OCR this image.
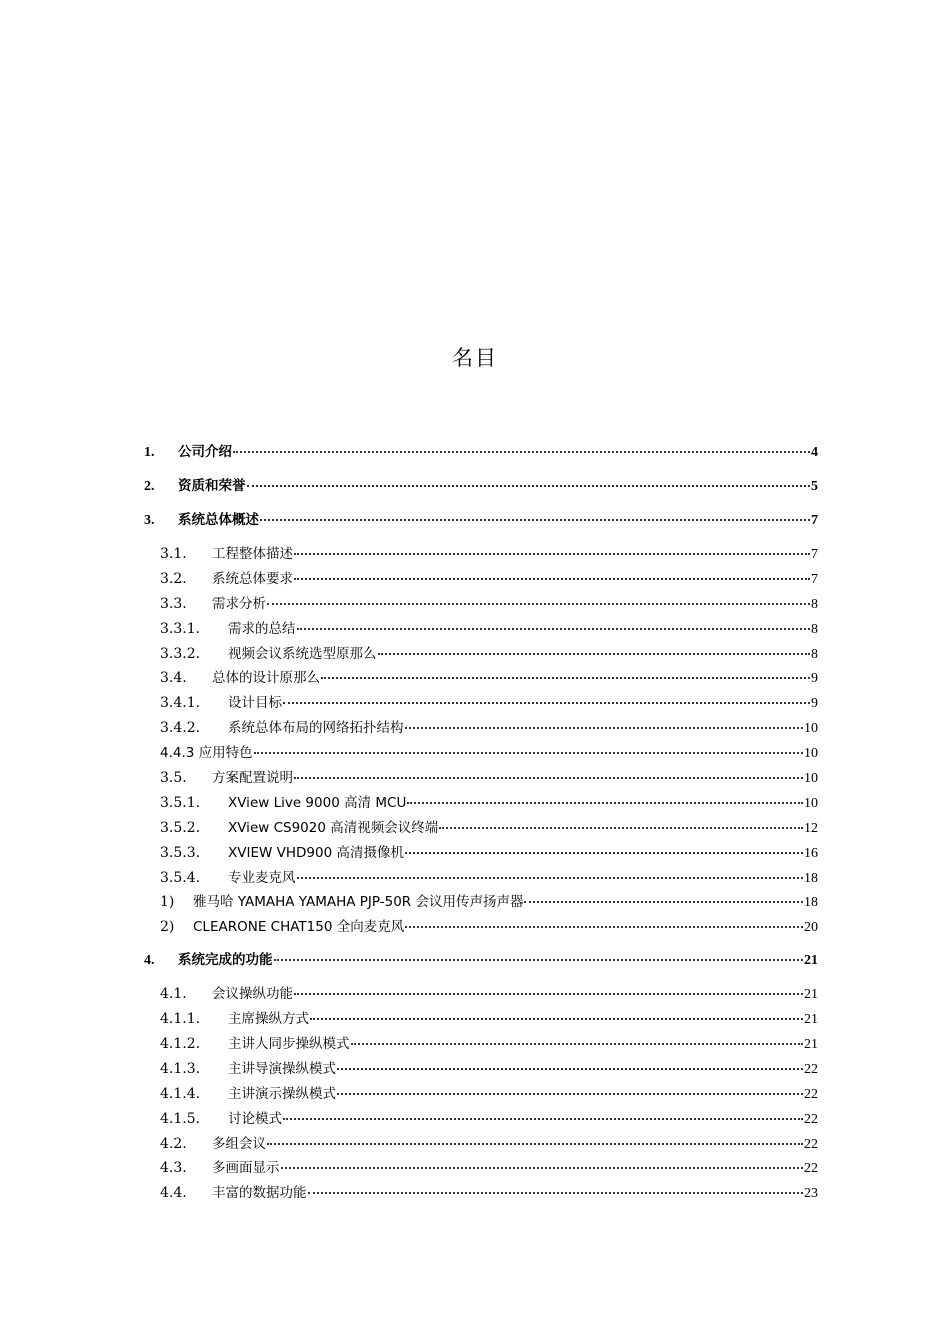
名目
1.	公司介绍	4
2.	资质和荣誉	5
3.	系统总体概述	7
3.1.	工程整体描述	7
3.2.	系统总体要求	7
3.3.	需求分析	8
3.3.1.	需求的总结	8
3.3.2.	视频会议系统选型原那么	8
3.4.	总体的设计原那么	9
3.4.1.	设计目标	9
3.4.2.	系统总体布局的网络拓扑结构	10
4.4.3 应用特色	10
3.5.	方案配置说明	10
3.5.1.	XView Live 9000 高清 MCU	10
3.5.2.	XView CS9020 高清视频会议终端	12
3.5.3.	XVIEW VHD900 高清摄像机	16
3.5.4.	专业麦克风	18
1)	雅马哈 YAMAHA YAMAHA PJP-50R 会议用传声扬声器	18
2)	CLEARONE CHAT150 全向麦克风	20
4.	系统完成的功能	21
4.1.	会议操纵功能	21
4.1.1.	主席操纵方式	21
4.1.2.	主讲人同步操纵模式	21
4.1.3.	主讲导演操纵模式	22
4.1.4.	主讲演示操纵模式	22
4.1.5.	讨论模式	22
4.2.	多组会议	22
4.3.	多画面显示	22
4.4.	丰富的数据功能	23
